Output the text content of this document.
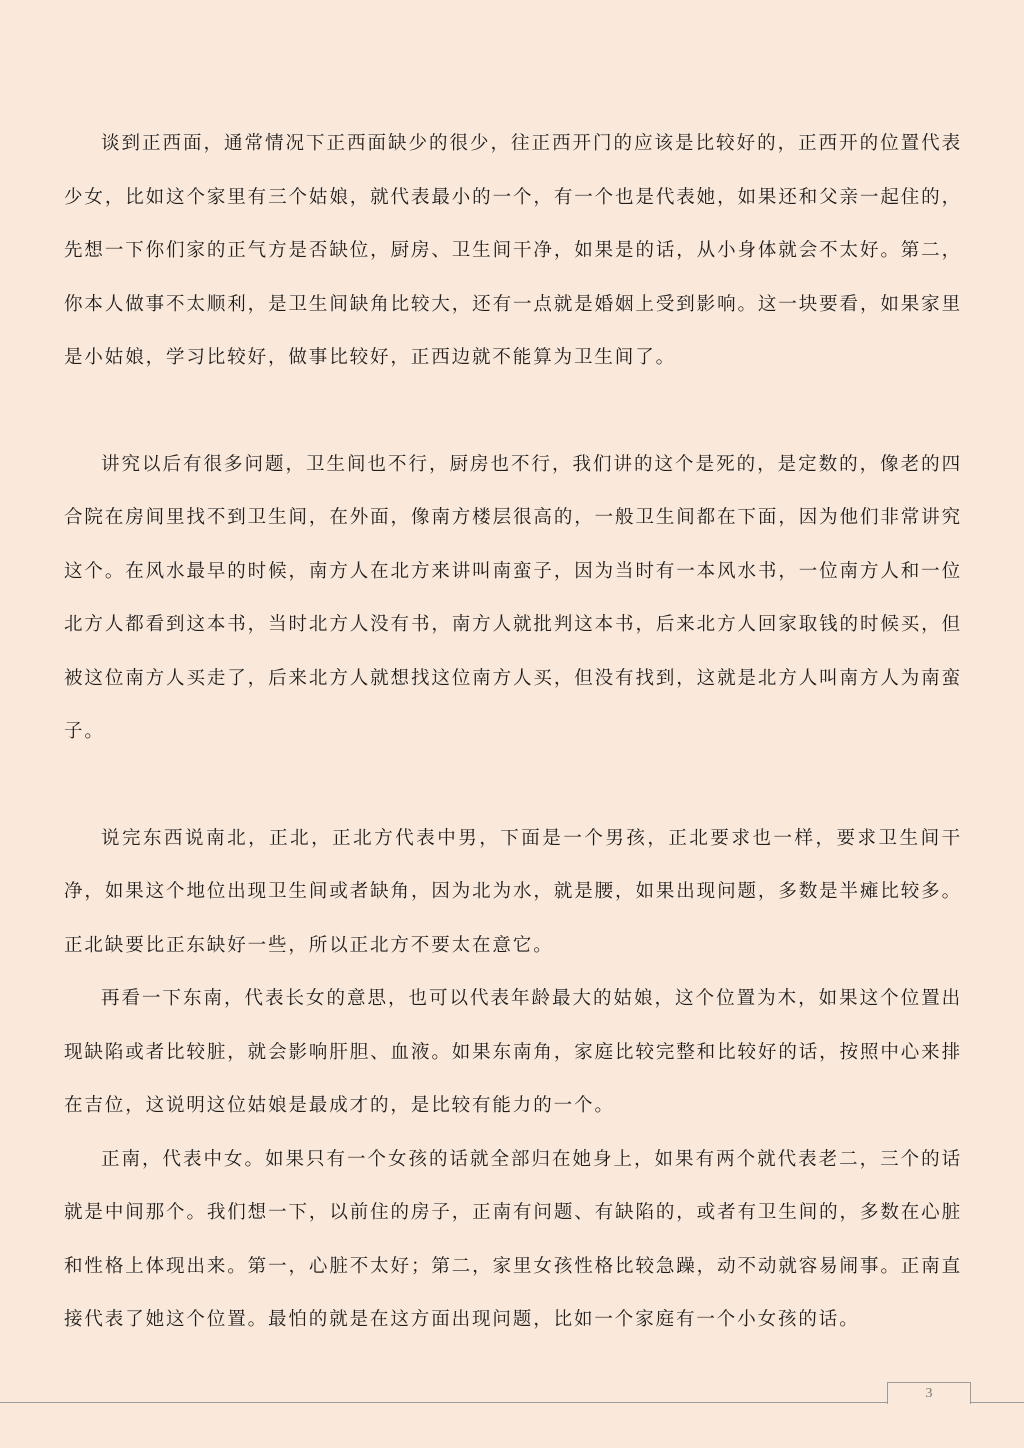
谈到正西面，通常情况下正西面缺少的很少，往正西开门的应该是比较好的，正西开的位置代表少女，比如这个家里有三个姑娘，就代表最小的一个，有一个也是代表她，如果还和父亲一起住的，先想一下你们家的正气方是否缺位，厨房、卫生间干净，如果是的话，从小身体就会不太好。第二，你本人做事不太顺利，是卫生间缺角比较大，还有一点就是婚姻上受到影响。这一块要看，如果家里是小姑娘，学习比较好，做事比较好，正西边就不能算为卫生间了。

讲究以后有很多问题，卫生间也不行，厨房也不行，我们讲的这个是死的，是定数的，像老的四合院在房间里找不到卫生间，在外面，像南方楼层很高的，一般卫生间都在下面，因为他们非常讲究这个。在风水最早的时候，南方人在北方来讲叫南蛮子，因为当时有一本风水书，一位南方人和一位北方人都看到这本书，当时北方人没有书，南方人就批判这本书，后来北方人回家取钱的时候买，但被这位南方人买走了，后来北方人就想找这位南方人买，但没有找到，这就是北方人叫南方人为南蛮子。

说完东西说南北，正北，正北方代表中男，下面是一个男孩，正北要求也一样，要求卫生间干净，如果这个地位出现卫生间或者缺角，因为北为水，就是腰，如果出现问题，多数是半瘫比较多。正北缺要比正东缺好一些，所以正北方不要太在意它。

再看一下东南，代表长女的意思，也可以代表年龄最大的姑娘，这个位置为木，如果这个位置出现缺陷或者比较脏，就会影响肝胆、血液。如果东南角，家庭比较完整和比较好的话，按照中心来排在吉位，这说明这位姑娘是最成才的，是比较有能力的一个。

正南，代表中女。如果只有一个女孩的话就全部归在她身上，如果有两个就代表老二，三个的话就是中间那个。我们想一下，以前住的房子，正南有问题、有缺陷的，或者有卫生间的，多数在心脏和性格上体现出来。第一，心脏不太好；第二，家里女孩性格比较急躁，动不动就容易闹事。正南直接代表了她这个位置。最怕的就是在这方面出现问题，比如一个家庭有一个小女孩的话。

3
